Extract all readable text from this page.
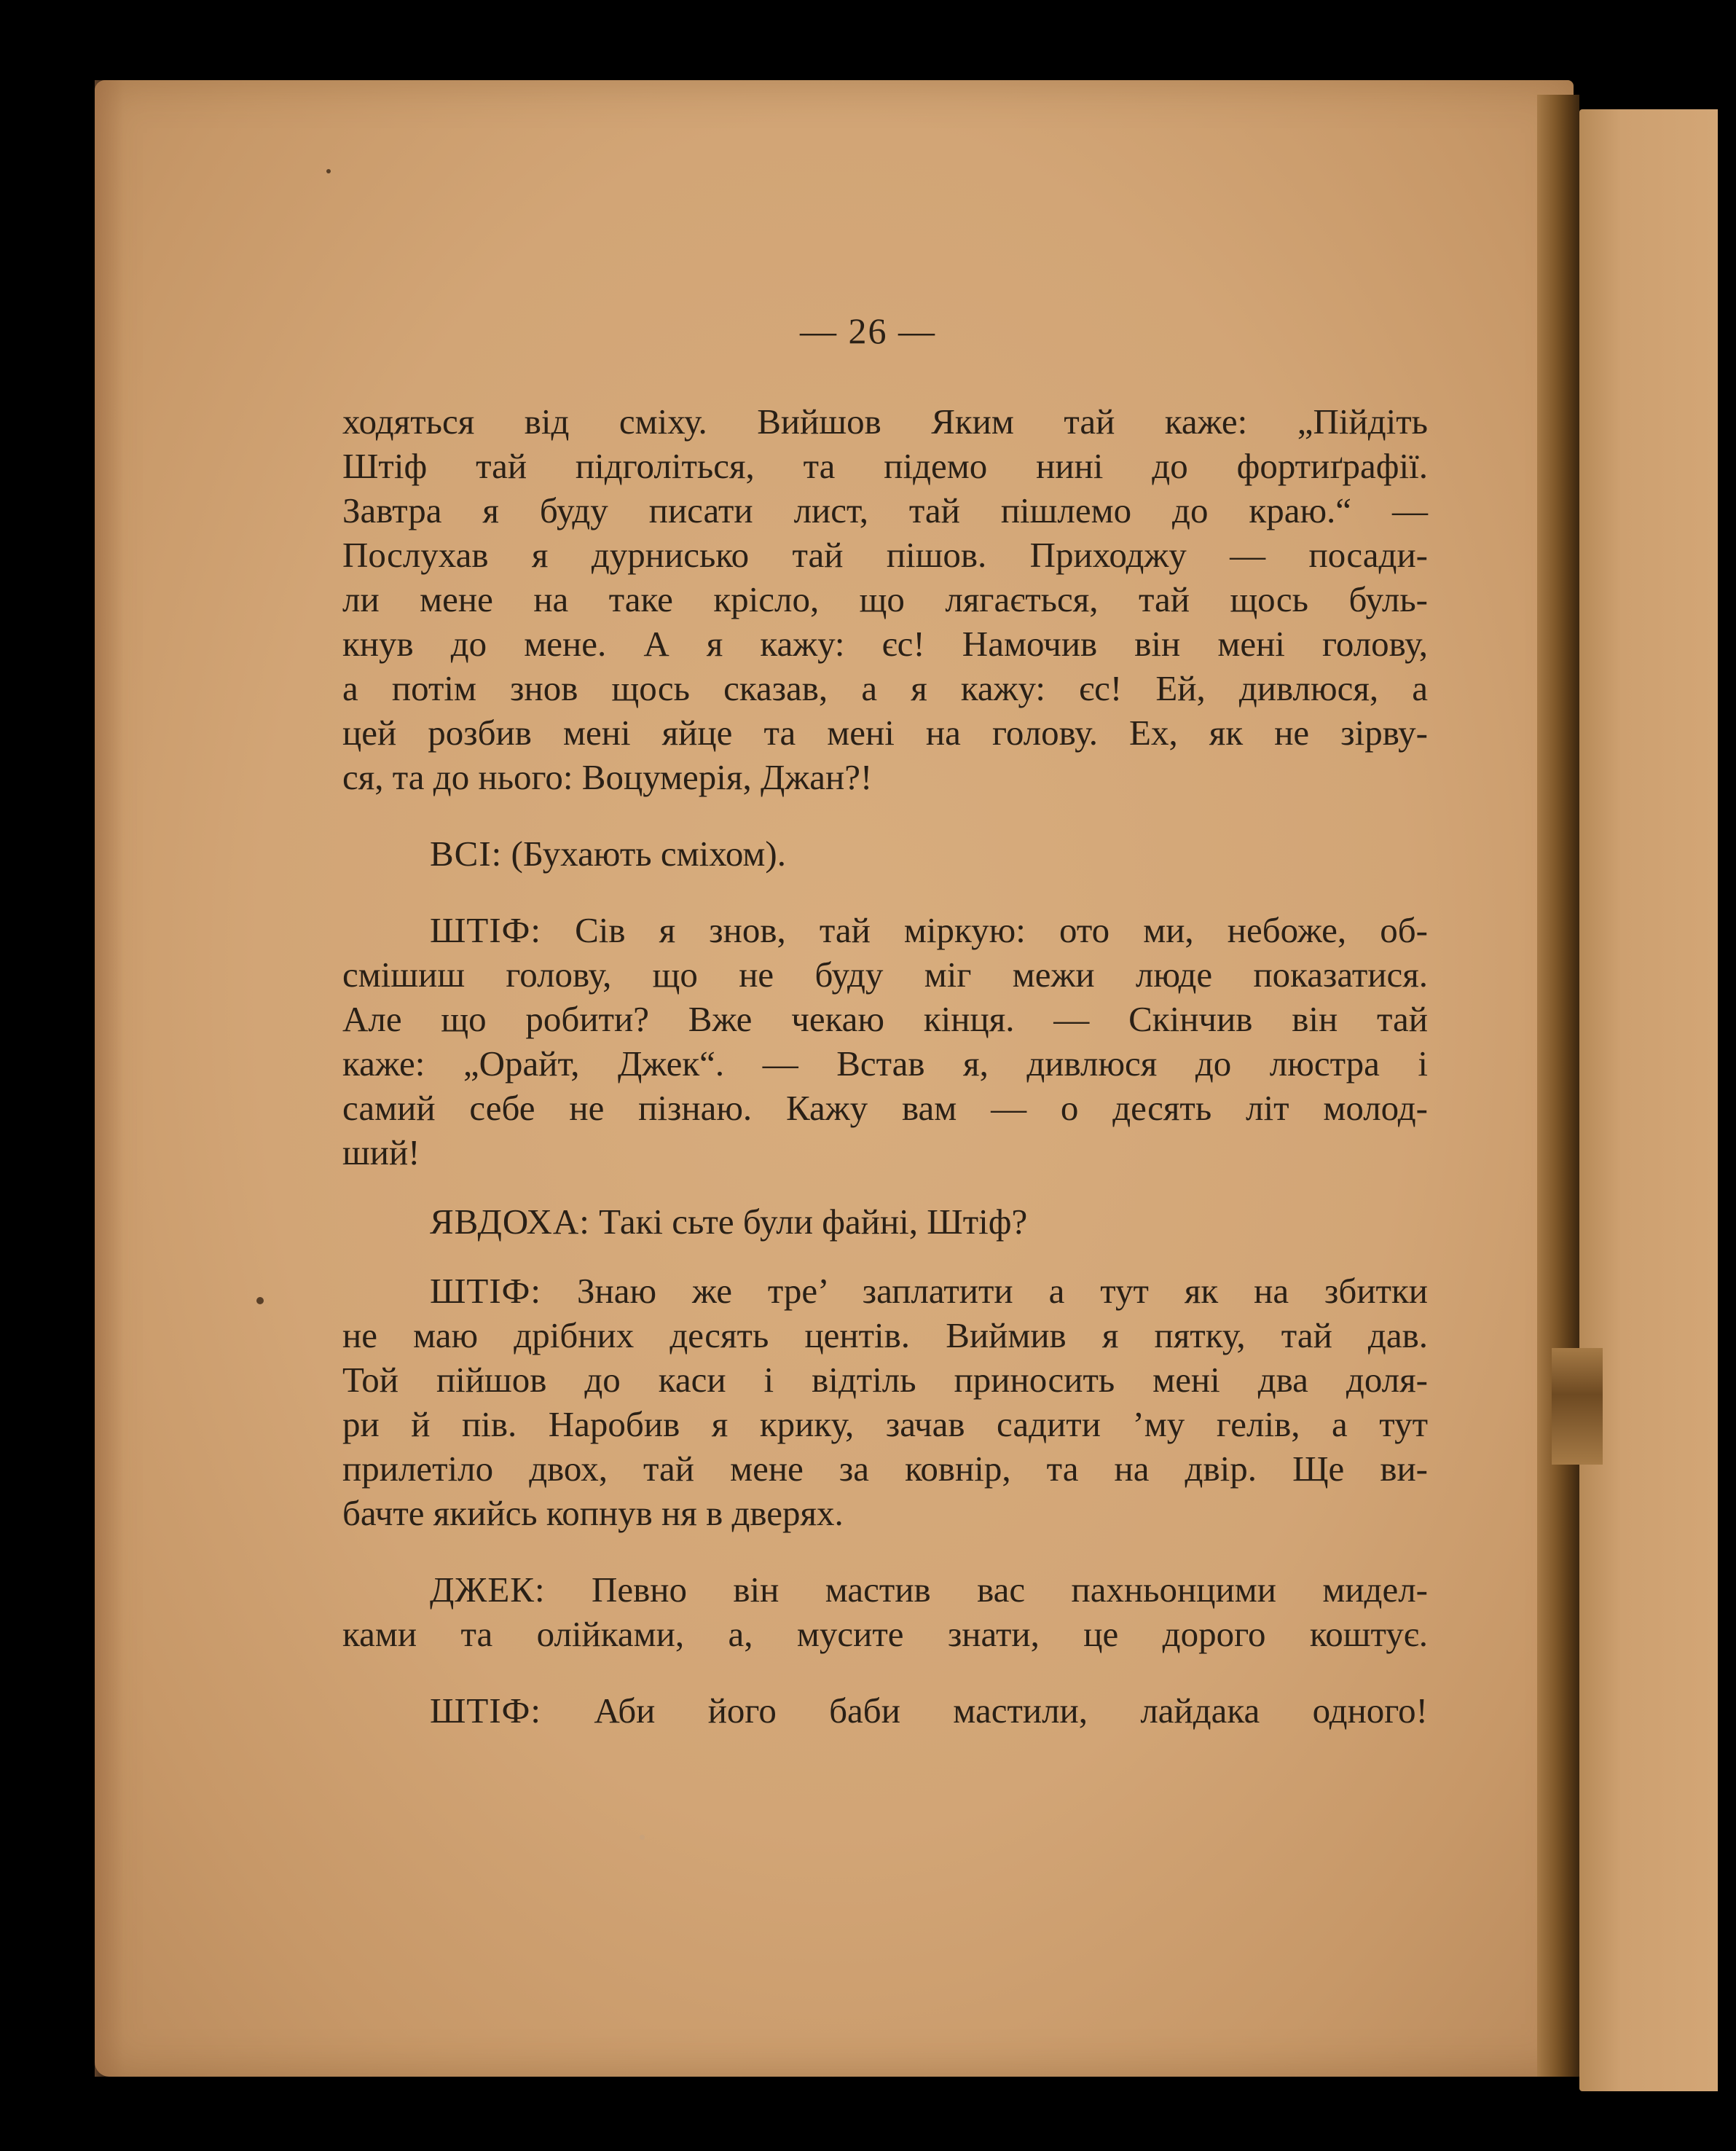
— 26 —

ходяться від сміху. Вийшов Яким тай каже: „Пійдіть

Штіф тай підголіться, та підемо нині до фортиґрафії.

Завтра я буду писати лист, тай пішлемо до краю.“ —

Послухав я дурнисько тай пішов. Приходжу — посади-

ли мене на таке крісло, що лягається, тай щось буль-

кнув до мене. А я кажу: єс! Намочив він мені голову,

а потім знов щось сказав, а я кажу: єс! Ей, дивлюся, а

цей розбив мені яйце та мені на голову. Ех, як не зірву-

ся, та до нього: Воцумерія, Джан?!

ВСІ: (Бухають сміхом).

ШТІФ: Сів я знов, тай міркую: ото ми, небоже, об-

смішиш голову, що не буду міг межи люде показатися.

Але що робити? Вже чекаю кінця. — Скінчив він тай

каже: „Орайт, Джек“. — Встав я, дивлюся до люстра і

самий себе не пізнаю. Кажу вам — о десять літ молод-

ший!

ЯВДОХА: Такі сьте були файні, Штіф?

ШТІФ: Знаю же тре’ заплатити а тут як на збитки

не маю дрібних десять центів. Виймив я пятку, тай дав.

Той пійшов до каси і відтіль приносить мені два доля-

ри й пів. Наробив я крику, зачав садити ’му гелів, а тут

прилетіло двох, тай мене за ковнір, та на двір. Ще ви-

бачте якийсь копнув ня в дверях.

ДЖЕК: Певно він мастив вас пахньонцими мидел-

ками та олійками, а, мусите знати, це дорого коштує.

ШТІФ: Аби його баби мастили, лайдака одного!
